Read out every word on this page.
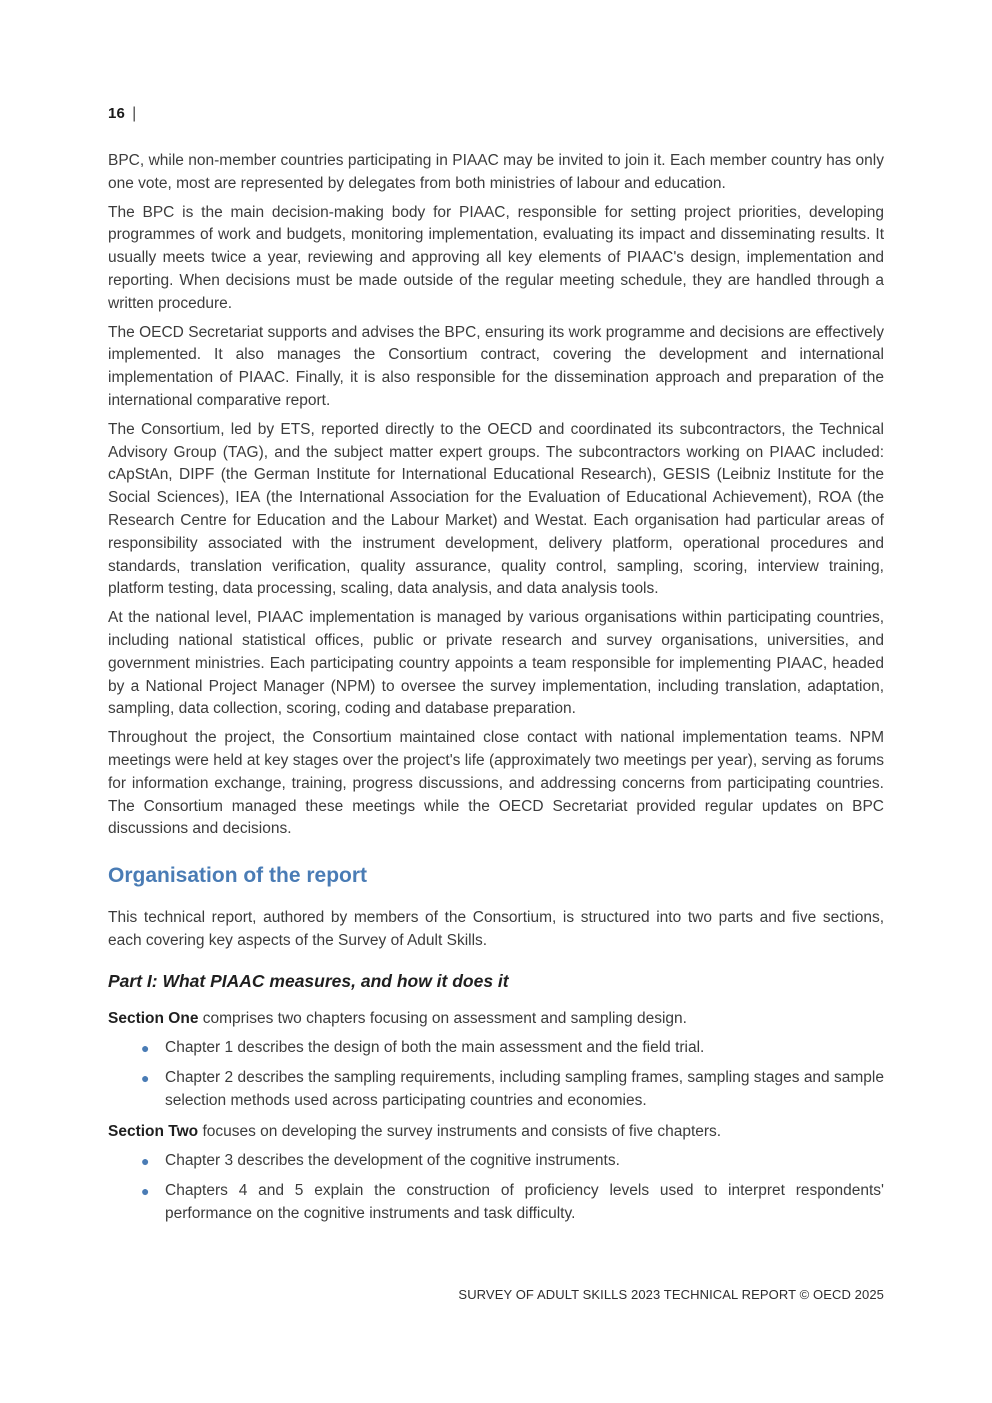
16 |

BPC, while non-member countries participating in PIAAC may be invited to join it. Each member country has only one vote, most are represented by delegates from both ministries of labour and education.

The BPC is the main decision-making body for PIAAC, responsible for setting project priorities, developing programmes of work and budgets, monitoring implementation, evaluating its impact and disseminating results. It usually meets twice a year, reviewing and approving all key elements of PIAAC's design, implementation and reporting. When decisions must be made outside of the regular meeting schedule, they are handled through a written procedure.

The OECD Secretariat supports and advises the BPC, ensuring its work programme and decisions are effectively implemented. It also manages the Consortium contract, covering the development and international implementation of PIAAC. Finally, it is also responsible for the dissemination approach and preparation of the international comparative report.

The Consortium, led by ETS, reported directly to the OECD and coordinated its subcontractors, the Technical Advisory Group (TAG), and the subject matter expert groups. The subcontractors working on PIAAC included: cApStAn, DIPF (the German Institute for International Educational Research), GESIS (Leibniz Institute for the Social Sciences), IEA (the International Association for the Evaluation of Educational Achievement), ROA (the Research Centre for Education and the Labour Market) and Westat. Each organisation had particular areas of responsibility associated with the instrument development, delivery platform, operational procedures and standards, translation verification, quality assurance, quality control, sampling, scoring, interview training, platform testing, data processing, scaling, data analysis, and data analysis tools.

At the national level, PIAAC implementation is managed by various organisations within participating countries, including national statistical offices, public or private research and survey organisations, universities, and government ministries. Each participating country appoints a team responsible for implementing PIAAC, headed by a National Project Manager (NPM) to oversee the survey implementation, including translation, adaptation, sampling, data collection, scoring, coding and database preparation.

Throughout the project, the Consortium maintained close contact with national implementation teams. NPM meetings were held at key stages over the project's life (approximately two meetings per year), serving as forums for information exchange, training, progress discussions, and addressing concerns from participating countries. The Consortium managed these meetings while the OECD Secretariat provided regular updates on BPC discussions and decisions.

Organisation of the report

This technical report, authored by members of the Consortium, is structured into two parts and five sections, each covering key aspects of the Survey of Adult Skills.

Part I: What PIAAC measures, and how it does it

Section One comprises two chapters focusing on assessment and sampling design.

●	Chapter 1 describes the design of both the main assessment and the field trial.
●	Chapter 2 describes the sampling requirements, including sampling frames, sampling stages and sample selection methods used across participating countries and economies.

Section Two focuses on developing the survey instruments and consists of five chapters.

●	Chapter 3 describes the development of the cognitive instruments.
●	Chapters 4 and 5 explain the construction of proficiency levels used to interpret respondents' performance on the cognitive instruments and task difficulty.
SURVEY OF ADULT SKILLS 2023 TECHNICAL REPORT © OECD 2025
